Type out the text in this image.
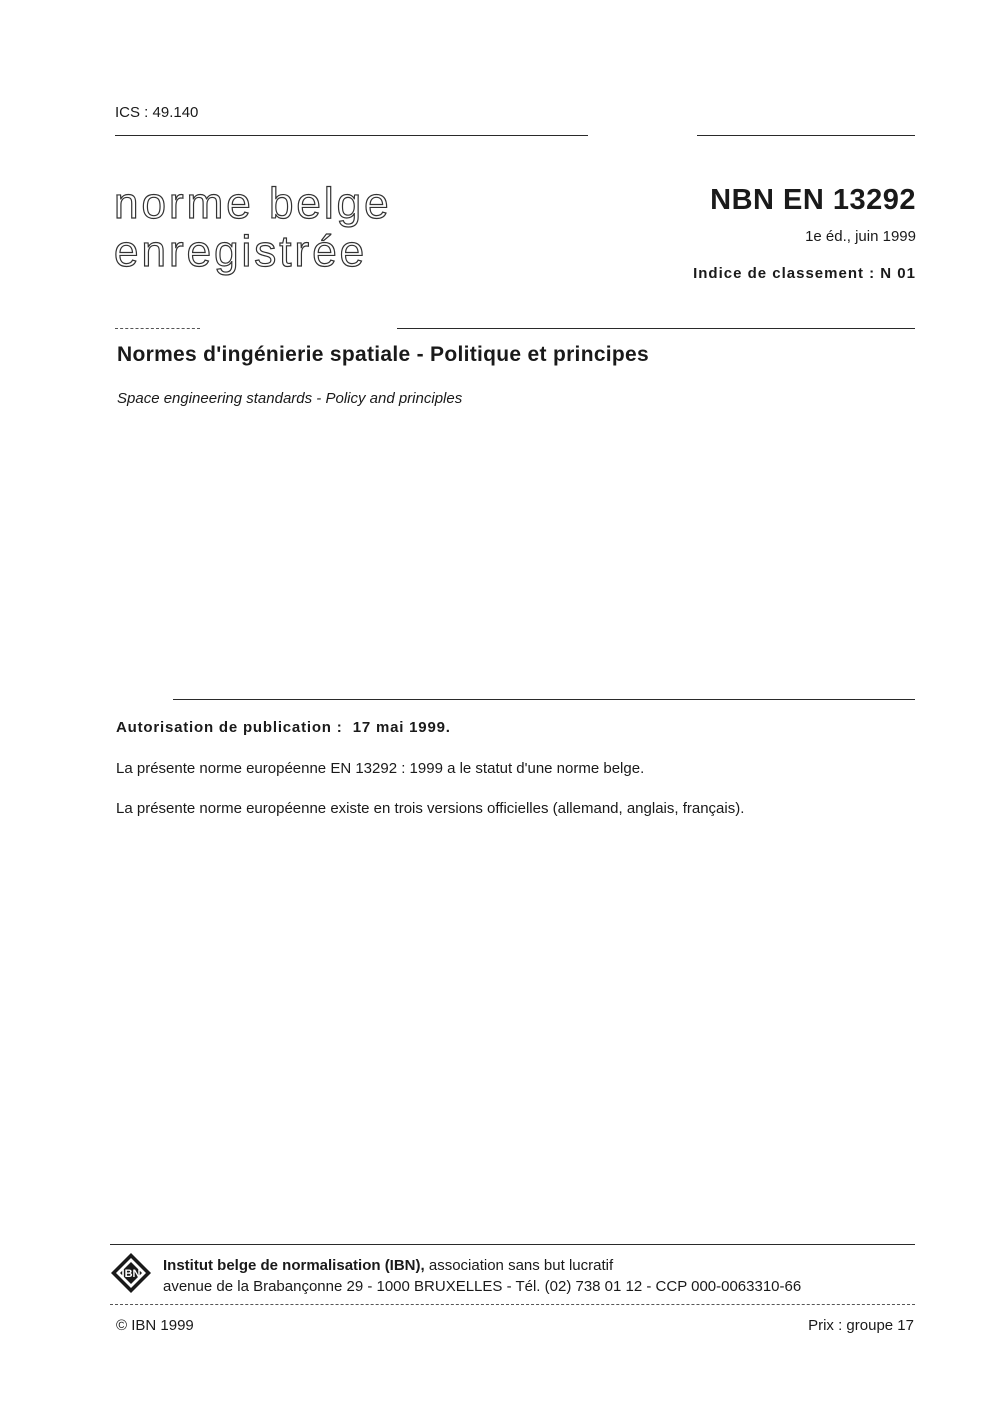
ICS : 49.140
norme belge
enregistrée
NBN EN 13292
1e éd., juin 1999
Indice de classement : N 01
Normes d'ingénierie spatiale - Politique et principes
Space engineering standards - Policy and principles
Autorisation de publication : 17 mai 1999.
La présente norme européenne EN 13292 : 1999 a le statut d'une norme belge.
La présente norme européenne existe en trois versions officielles (allemand, anglais, français).
IBN Institut belge de normalisation (IBN), association sans but lucratif
avenue de la Brabançonne 29 - 1000 BRUXELLES - Tél. (02) 738 01 12 - CCP 000-0063310-66
© IBN 1999	Prix : groupe 17
